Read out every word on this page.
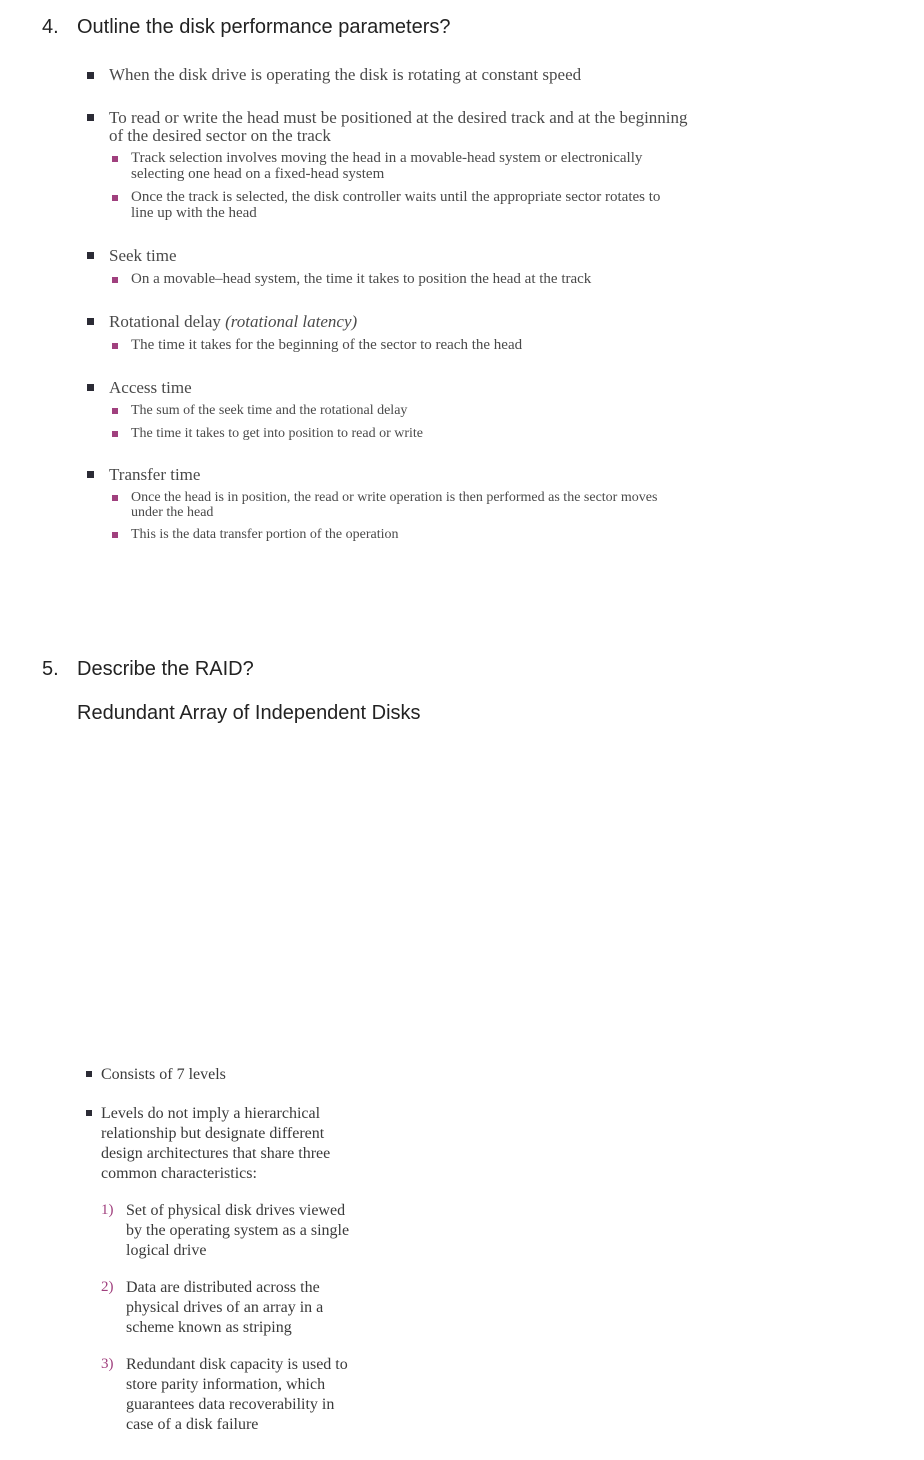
4. Outline the disk performance parameters?
When the disk drive is operating the disk is rotating at constant speed
To read or write the head must be positioned at the desired track and at the beginning
of the desired sector on the track
Track selection involves moving the head in a movable-head system or electronically
selecting one head on a fixed-head system
Once the track is selected, the disk controller waits until the appropriate sector rotates to
line up with the head
Seek time
On a movable–head system, the time it takes to position the head at the track
Rotational delay (rotational latency)
The time it takes for the beginning of the sector to reach the head
Access time
The sum of the seek time and the rotational delay
The time it takes to get into position to read or write
Transfer time
Once the head is in position, the read or write operation is then performed as the sector moves
under the head
This is the data transfer portion of the operation
5. Describe the RAID?
Redundant Array of Independent Disks
Consists of 7 levels
Levels do not imply a hierarchical
relationship but designate different
design architectures that share three
common characteristics:
1) Set of physical disk drives viewed
by the operating system as a single
logical drive
2) Data are distributed across the
physical drives of an array in a
scheme known as striping
3) Redundant disk capacity is used to
store parity information, which
guarantees data recoverability in
case of a disk failure
